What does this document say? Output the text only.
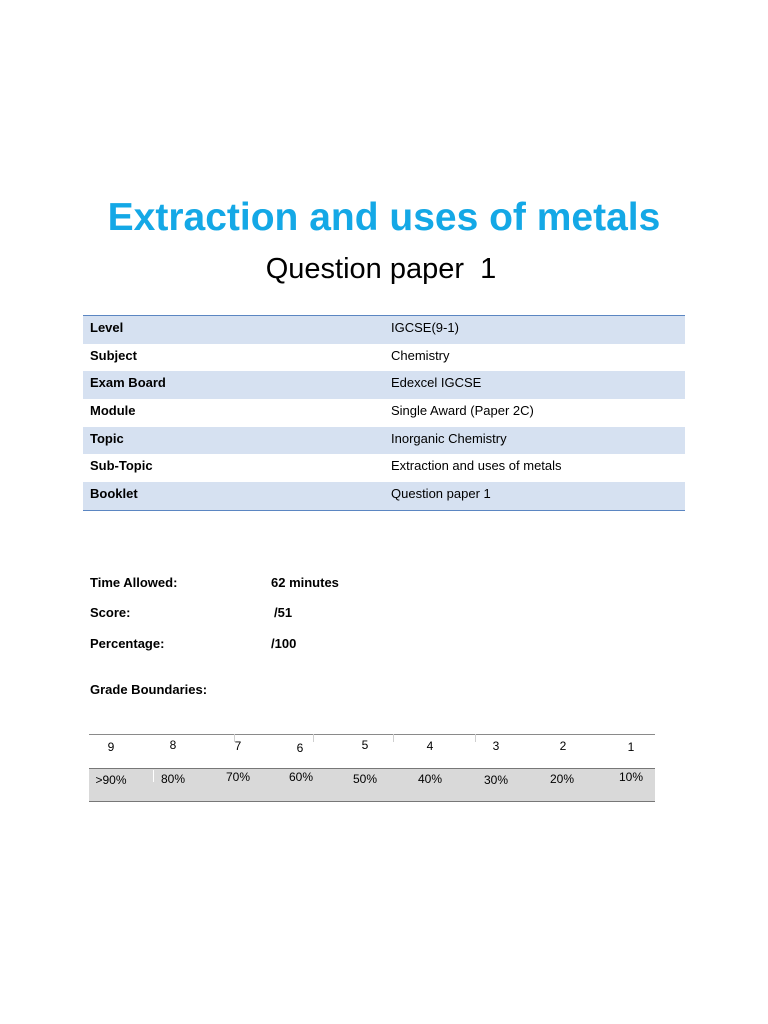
Extraction and uses of metals
Question paper  1
Level	IGCSE(9-1)
Subject	Chemistry
Exam Board	Edexcel IGCSE
Module	Single Award (Paper 2C)
Topic	Inorganic Chemistry
Sub-Topic	Extraction and uses of metals
Booklet	Question paper 1
Time Allowed:	62 minutes
Score:	/51
Percentage:	/100
Grade Boundaries:
9	8	7	6	5	4	3	2	1
>90%	80%	70%	60%	50%	40%	30%	20%	10%
